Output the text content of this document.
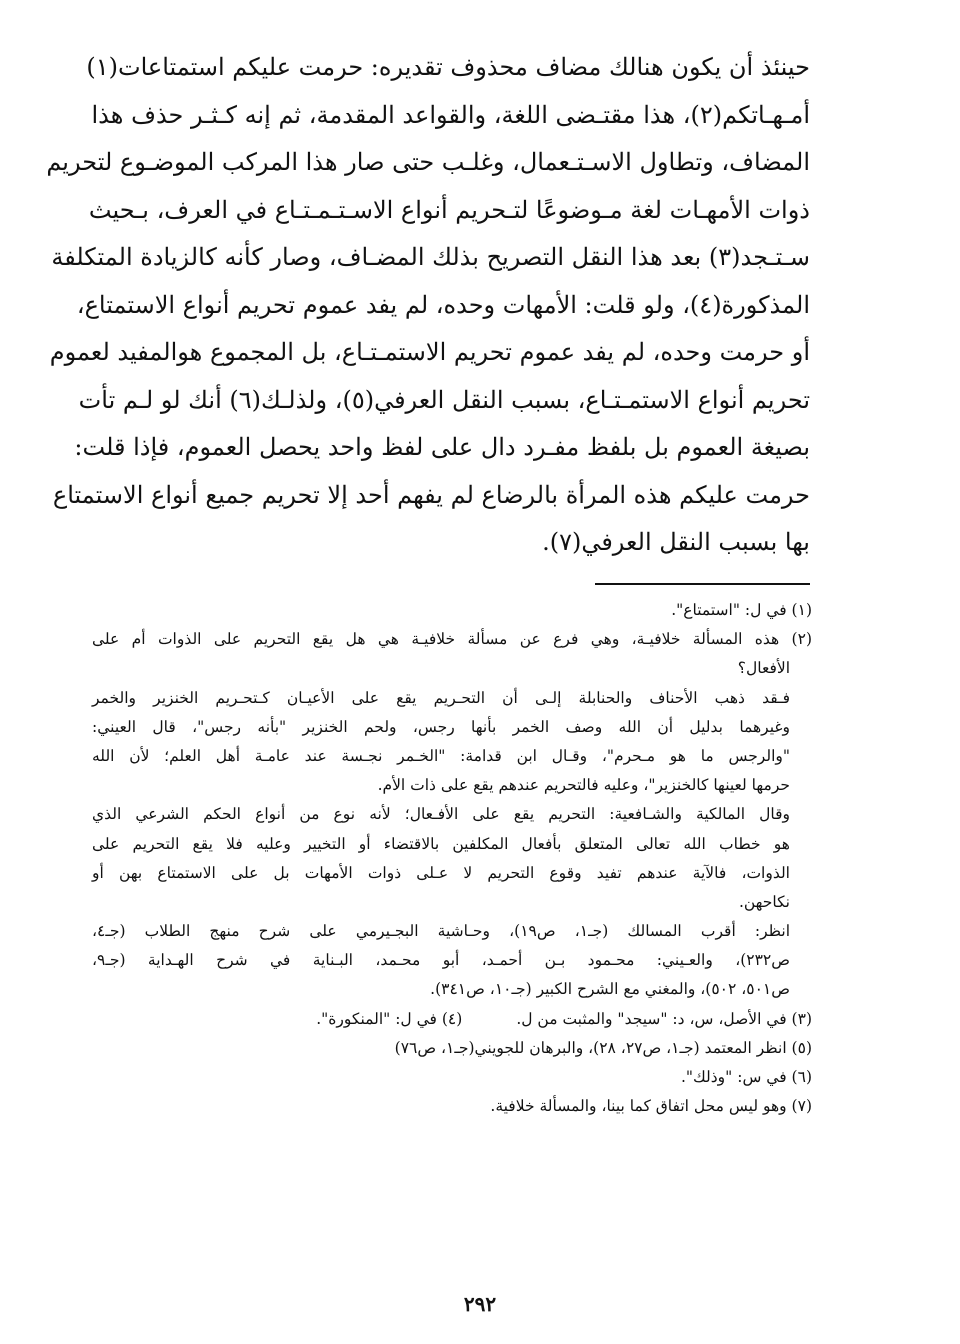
حينئذ أن يكون هنالك مضاف محذوف تقديره: حرمت عليكم استمتاعات(١)
أمـهـاتكم(٢)، هذا مقتـضى اللغة، والقواعد المقدمة، ثم إنه كـثـر حذف هذا
المضاف، وتطاول الاسـتـعمال، وغلـب حتى صار هذا المركب الموضـوع لتحريم
ذوات الأمهـات لغة مـوضوعًا لتـحريم أنواع الاسـتـمـتـاع في العرف، بـحيث
سـتـجد(٣) بعد هذا النقل التصريح بذلك المضـاف، وصار كأنه كالزيادة المتكلفة
المذكورة(٤)، ولو قلت: الأمهات وحده، لم يفد عموم تحريم أنواع الاستمتاع،
أو حرمت وحده، لم يفد عموم تحريم الاستمـتـاع، بل المجموع هوالمفيد لعموم
تحريم أنواع الاستمـتـاع، بسبب النقل العرفي(٥)، ولذلـك(٦) أنك لو لـم تأت
بصيغة العموم بل بلفظ مفـرد دال على لفظ واحد يحصل العموم، فإذا قلت:
حرمت عليكم هذه المرأة بالرضاع لم يفهم أحد إلا تحريم جميع أنواع الاستمتاع
بها بسبب النقل العرفي(٧).
(١) في ل: "استمتاع".
(٢) هذه المسألة خلافيـة، وهي فرع عن مسألة خلافيـة هي هل يقع التحريم على الذوات أم على
الأفعال؟
فـقد ذهب الأحناف والحنابلة إلـى أن التحـريم يقع على الأعيـان كـتحـريم الخنزير والخمر
وغيرهما بدليل أن الله وصف الخمر بأنها رجس، ولحم الخنزير "بأنه رجس"، قال العيني:
"والرجس ما هو مـحرم"، وقـال ابن قدامة: "الخـمر نجـسة عند عامـة أهل العلم؛ لأن الله
حرمها لعينها كالخنزير"، وعليه فالتحريم عندهم يقع على ذات الأم.
وقال المالكية والشـافعية: التحريم يقع على الأفـعال؛ لأنه نوع من أنواع الحكم الشرعي الذي
هو خطاب الله تعالى المتعلق بأفعال المكلفين بالاقتضاء أو التخيير وعليه فلا يقع التحريم على
الذوات، فالآية عندهم تفيد وقوع التحريم لا عـلى ذوات الأمهات بل على الاستمتاع بهن أو
نكاحهن.
انظر: أقرب المسالك (جـ١، ص١٩)، وحـاشية البجـيرمي على شرح منهج الطلاب (جـ٤،
ص٢٣٢)، والعـيني: محـمود بـن أحمـد، أبو محـمد، البـناية في شرح الهـداية (جـ٩،
ص٥٠١، ٥٠٢)، والمغني مع الشرح الكبير (جـ١٠، ص٣٤١).
(٣) في الأصل، س، د: "سيجد" والمثبت من ل.
(٤) في ل: "المنكورة".
(٥) انظر المعتمد (جـ١، ص٢٧، ٢٨)، والبرهان للجويني(جـ١، ص٧٦)
(٦) في س: "وذلك".
(٧) وهو ليس محل اتفاق كما بينا، والمسألة خلافية.
٢٩٢
